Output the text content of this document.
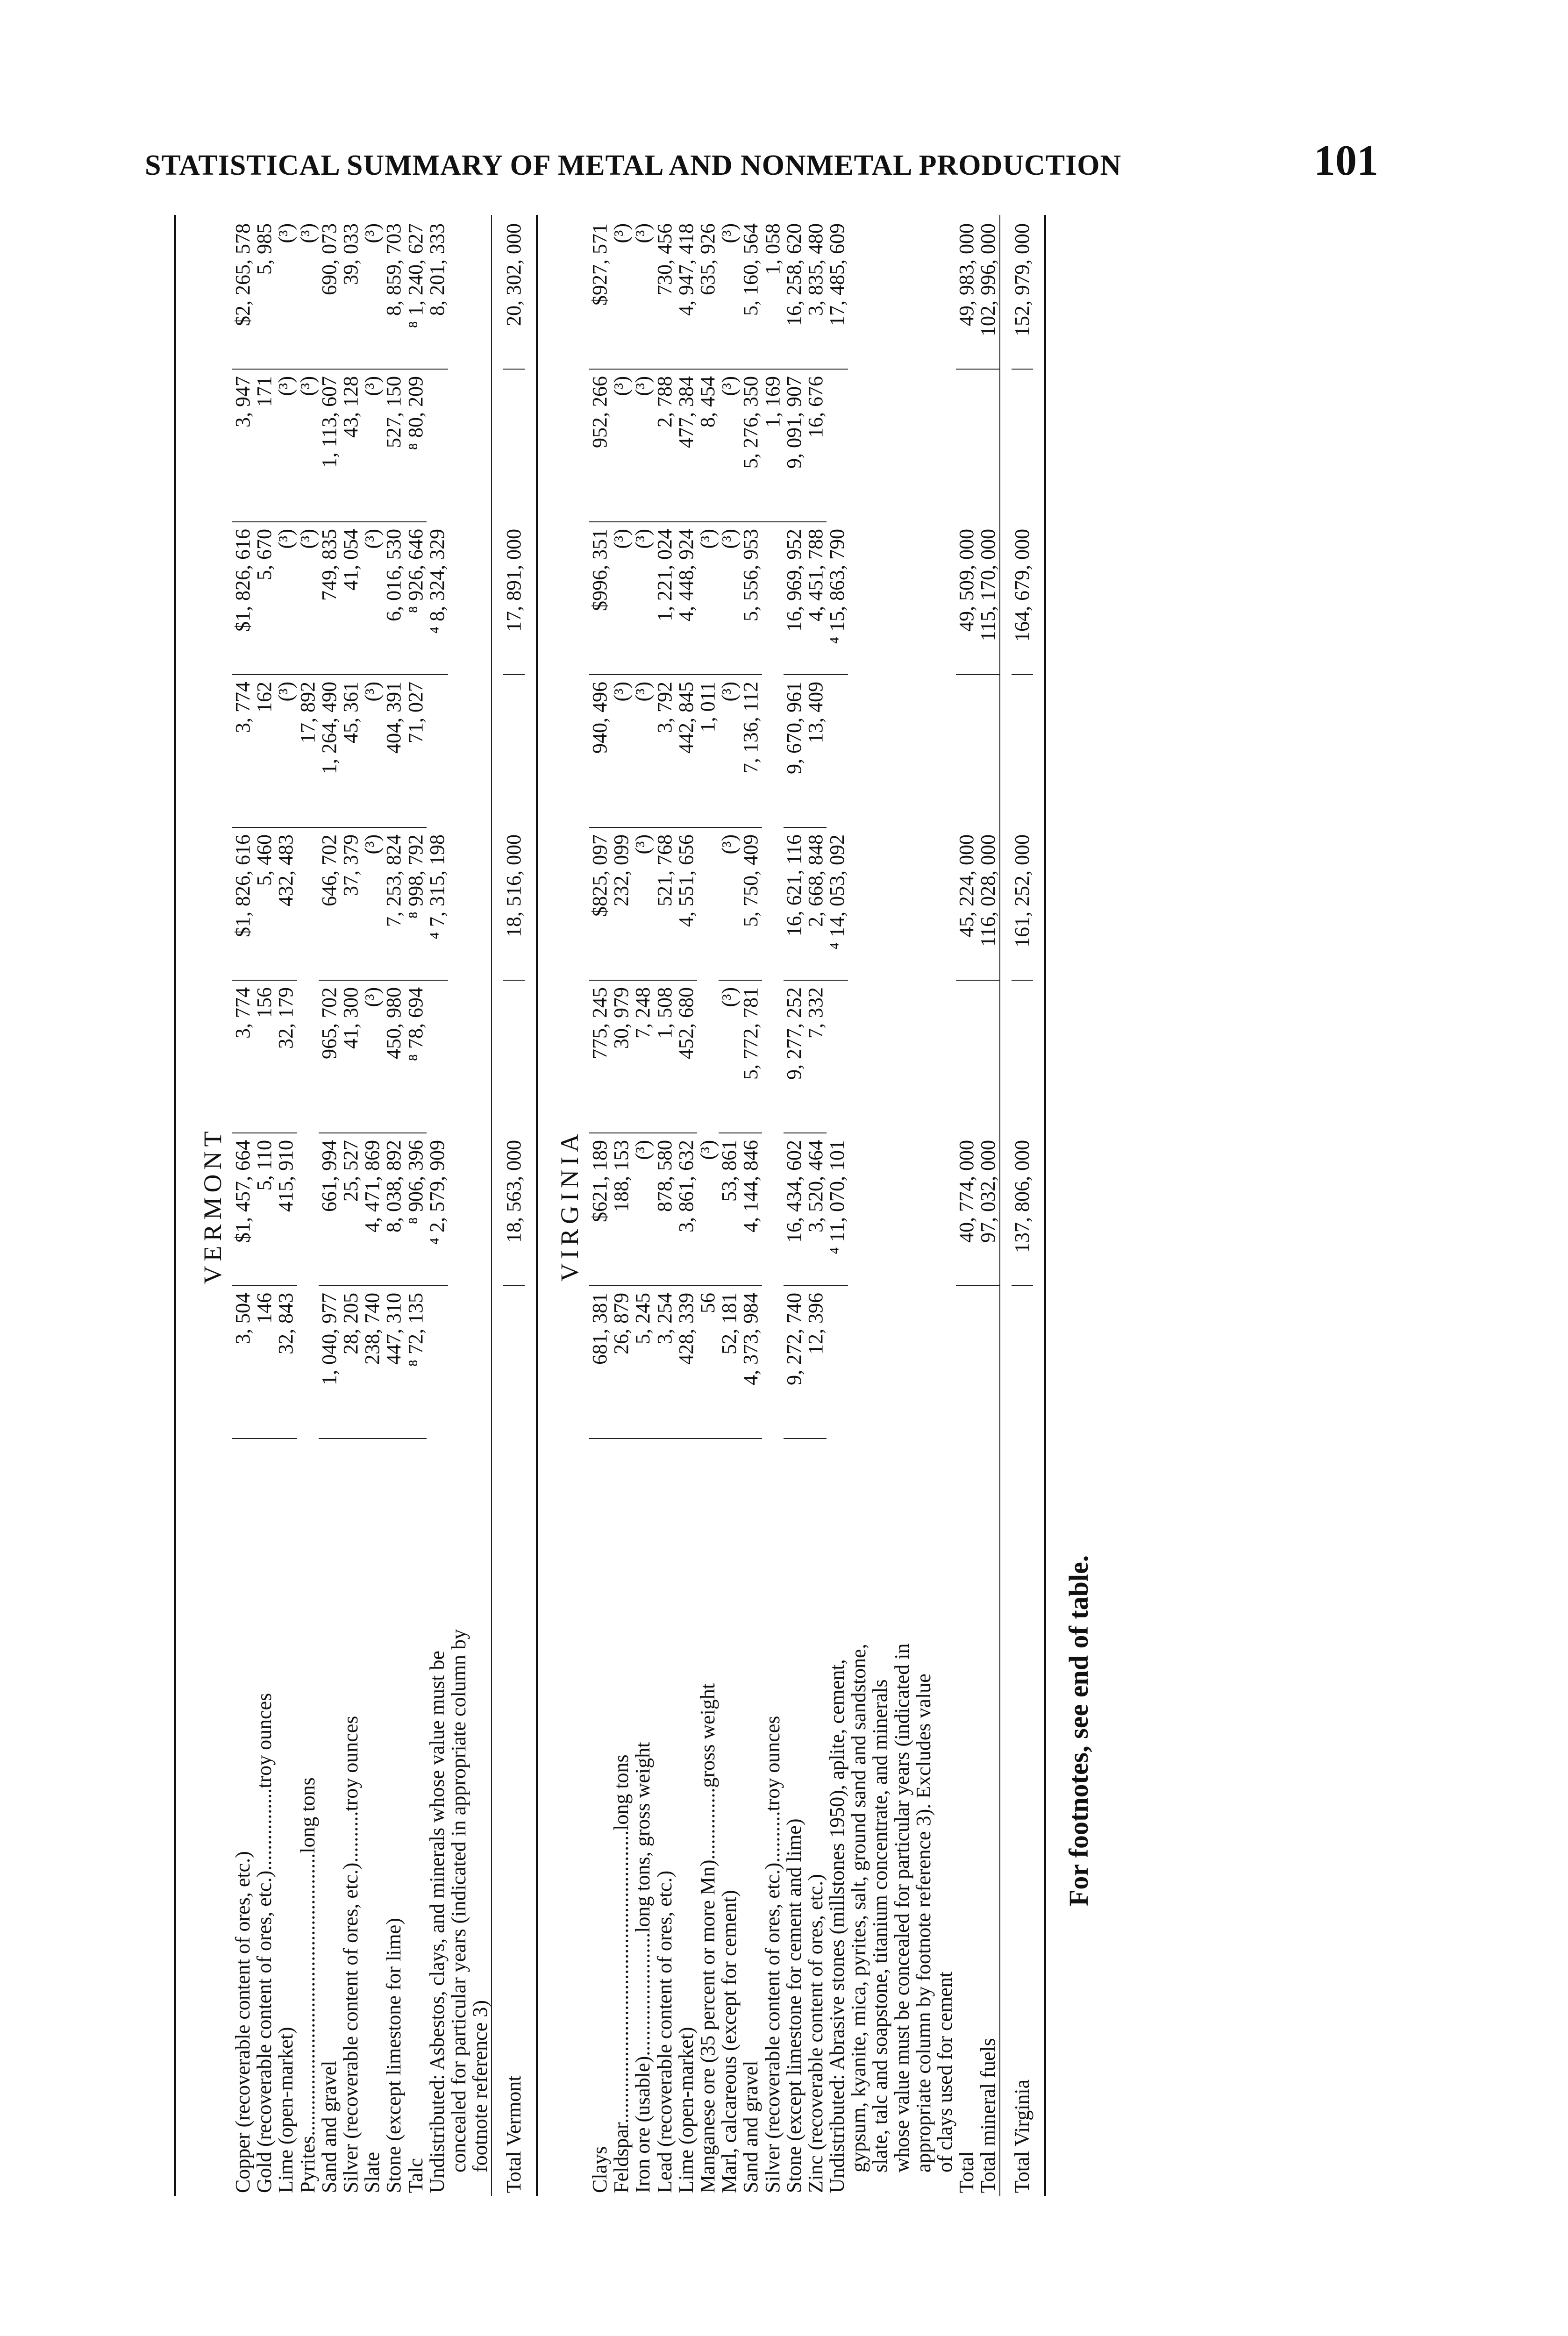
STATISTICAL SUMMARY OF METAL AND NONMETAL PRODUCTION	101
VERMONT
Copper (recoverable content of ores, etc.)
3, 504
$1, 457, 664
3, 774
$1, 826, 616
3, 774
$1, 826, 616
3, 947
$2, 265, 578
Gold (recoverable content of ores, etc.)................troy ounces
146
5, 110
156
5, 460
162
5, 670
171
5, 985
Lime (open-market)
32, 843
415, 910
32, 179
432, 483
(³)
(³)
(³)
(³)
Pyrites.......................................................long tons
17, 892
(³)
(³)
(³)
Sand and gravel
1, 040, 977
661, 994
965, 702
646, 702
1, 264, 490
749, 835
1, 113, 607
690, 073
Silver (recoverable content of ores, etc.)..........troy ounces
28, 205
25, 527
41, 300
37, 379
45, 361
41, 054
43, 128
39, 033
Slate
238, 740
4, 471, 869
(³)
(³)
(³)
(³)
(³)
(³)
Stone (except limestone for lime)
447, 310
8, 038, 892
450, 980
7, 253, 824
404, 391
6, 016, 530
527, 150
8, 859, 703
Talc
⁸ 72, 135
⁸ 906, 396
⁸ 78, 694
⁸ 998, 792
71, 027
⁸ 926, 646
⁸ 80, 209
⁸ 1, 240, 627
Undistributed: Asbestos, clays, and minerals whose value must be
concealed for particular years (indicated in appropriate column by
footnote reference 3)
⁴ 2, 579, 909
⁴ 7, 315, 198
⁴ 8, 324, 329
8, 201, 333
Total Vermont
18, 563, 000
18, 516, 000
17, 891, 000
20, 302, 000
VIRGINIA
Clays
681, 381
$621, 189
775, 245
$825, 097
940, 496
$996, 351
952, 266
$927, 571
Feldspar.........................................................long tons
26, 879
188, 153
30, 979
232, 099
(³)
(³)
(³)
(³)
Iron ore (usable)........................long tons, gross weight
5, 245
(³)
7, 248
(³)
(³)
(³)
(³)
(³)
Lead (recoverable content of ores, etc.)
3, 254
878, 580
1, 508
521, 768
3, 792
1, 221, 024
2, 788
730, 456
Lime (open-market)
428, 339
3, 861, 632
452, 680
4, 551, 656
442, 845
4, 448, 924
477, 384
4, 947, 418
Manganese ore (35 percent or more Mn)..............gross weight
56
(³)
1, 011
(³)
8, 454
635, 926
Marl, calcareous (except for cement)
52, 181
53, 861
(³)
(³)
(³)
(³)
(³)
(³)
Sand and gravel
4, 373, 984
4, 144, 846
5, 772, 781
5, 750, 409
7, 136, 112
5, 556, 953
5, 276, 350
5, 160, 564
Silver (recoverable content of ores, etc.)..........troy ounces
1, 169
1, 058
Stone (except limestone for cement and lime)
9, 272, 740
16, 434, 602
9, 277, 252
16, 621, 116
9, 670, 961
16, 969, 952
9, 091, 907
16, 258, 620
Zinc (recoverable content of ores, etc.)
12, 396
3, 520, 464
7, 332
2, 668, 848
13, 409
4, 451, 788
16, 676
3, 835, 480
Undistributed: Abrasive stones (millstones 1950), aplite, cement,
gypsum, kyanite, mica, pyrites, salt, ground sand and sandstone,
slate, talc and soapstone, titanium concentrate, and minerals
whose value must be concealed for particular years (indicated in
appropriate column by footnote reference 3). Excludes value
of clays used for cement
⁴ 11, 070, 101
⁴ 14, 053, 092
⁴ 15, 863, 790
17, 485, 609
Total
40, 774, 000
45, 224, 000
49, 509, 000
49, 983, 000
Total mineral fuels
97, 032, 000
116, 028, 000
115, 170, 000
102, 996, 000
Total Virginia
137, 806, 000
161, 252, 000
164, 679, 000
152, 979, 000
For footnotes, see end of table.
